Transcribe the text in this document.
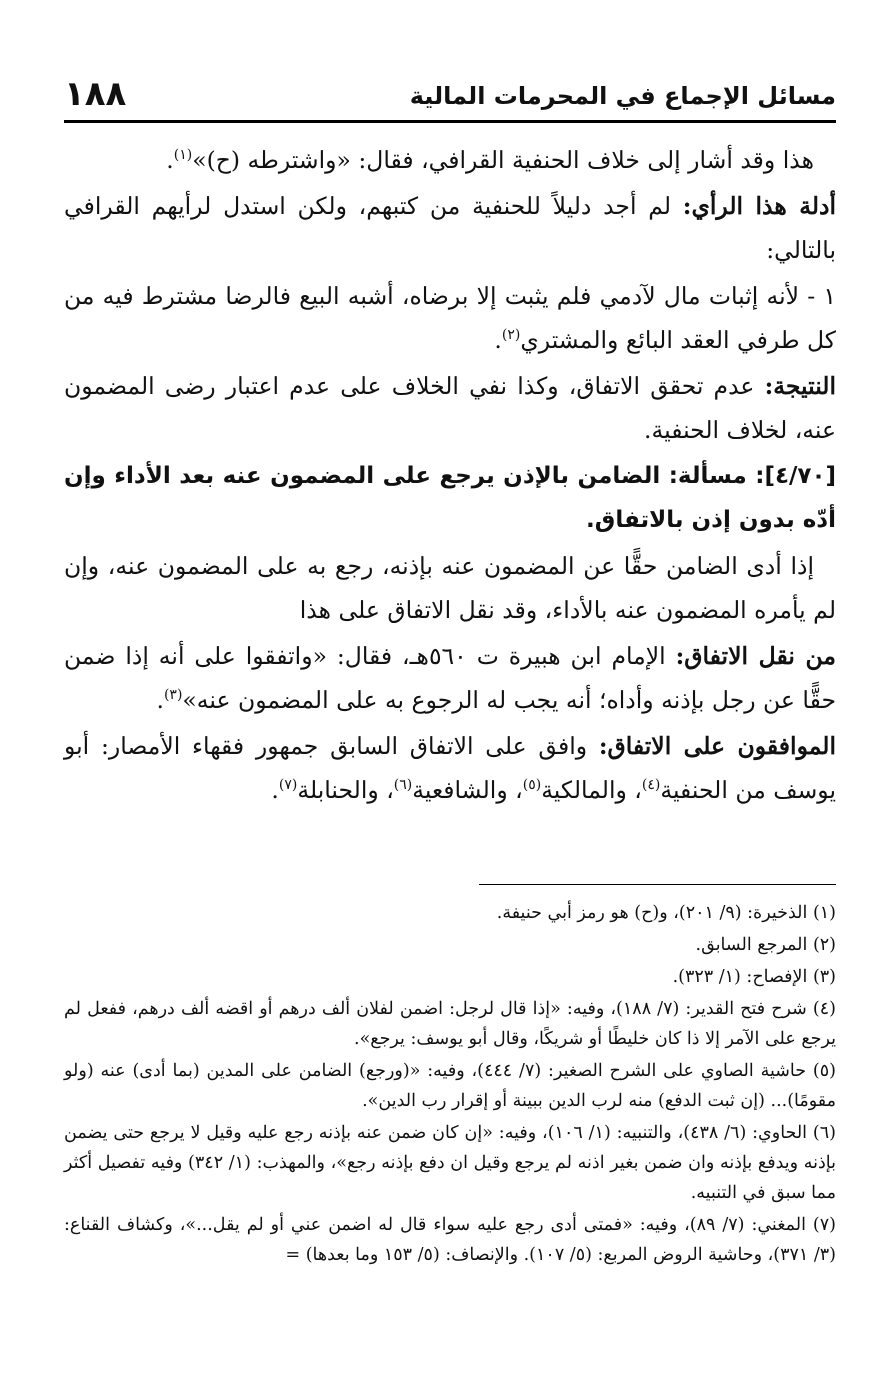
١٨٨	مسائل الإجماع في المحرمات المالية

هذا وقد أشار إلى خلاف الحنفية القرافي، فقال: «واشترطه (ح)»$^{(١)}$.

أدلة هذا الرأي: لم أجد دليلاً للحنفية من كتبهم، ولكن استدل لرأيهم القرافي بالتالي:

١ - لأنه إثبات مال لآدمي فلم يثبت إلا برضاه، أشبه البيع فالرضا مشترط فيه من كل طرفي العقد البائع والمشتري$^{(٢)}$.

النتيجة: عدم تحقق الاتفاق، وكذا نفي الخلاف على عدم اعتبار رضى المضمون عنه، لخلاف الحنفية.

[٤/٧٠]: مسألة: الضامن بالإذن يرجع على المضمون عنه بعد الأداء وإن أدّه بدون إذن بالاتفاق.

إذا أدى الضامن حقًّا عن المضمون عنه بإذنه، رجع به على المضمون عنه، وإن لم يأمره المضمون عنه بالأداء، وقد نقل الاتفاق على هذا

من نقل الاتفاق: الإمام ابن هبيرة ت ٥٦٠هـ، فقال: «واتفقوا على أنه إذا ضمن حقًّا عن رجل بإذنه وأداه؛ أنه يجب له الرجوع به على المضمون عنه»$^{(٣)}$.

الموافقون على الاتفاق: وافق على الاتفاق السابق جمهور فقهاء الأمصار: أبو يوسف من الحنفية$^{(٤)}$، والمالكية$^{(٥)}$، والشافعية$^{(٦)}$، والحنابلة$^{(٧)}$.

(١) الذخيرة: (٩/ ٢٠١)، و(ح) هو رمز أبي حنيفة.

(٢) المرجع السابق.

(٣) الإفصاح: (١/ ٣٢٣).

(٤) شرح فتح القدير: (٧/ ١٨٨)، وفيه: «إذا قال لرجل: اضمن لفلان ألف درهم أو اقضه ألف درهم، ففعل لم يرجع على الآمر إلا ذا كان خليطًا أو شريكًا، وقال أبو يوسف: يرجع».

(٥) حاشية الصاوي على الشرح الصغير: (٧/ ٤٤٤)، وفيه: «(ورجع) الضامن على المدين (بما أدى) عنه (ولو مقومًا)... (إن ثبت الدفع) منه لرب الدين ببينة أو إقرار رب الدين».

(٦) الحاوي: (٦/ ٤٣٨)، والتنبيه: (١/ ١٠٦)، وفيه: «إن كان ضمن عنه بإذنه رجع عليه وقيل لا يرجع حتى يضمن بإذنه ويدفع بإذنه وان ضمن بغير اذنه لم يرجع وقيل ان دفع بإذنه رجع»، والمهذب: (١/ ٣٤٢) وفيه تفصيل أكثر مما سبق في التنبيه.

(٧) المغني: (٧/ ٨٩)، وفيه: «فمتى أدى رجع عليه سواء قال له اضمن عني أو لم يقل...»، وكشاف القناع: (٣/ ٣٧١)، وحاشية الروض المربع: (٥/ ١٠٧). والإنصاف: (٥/ ١٥٣ وما بعدها) =
